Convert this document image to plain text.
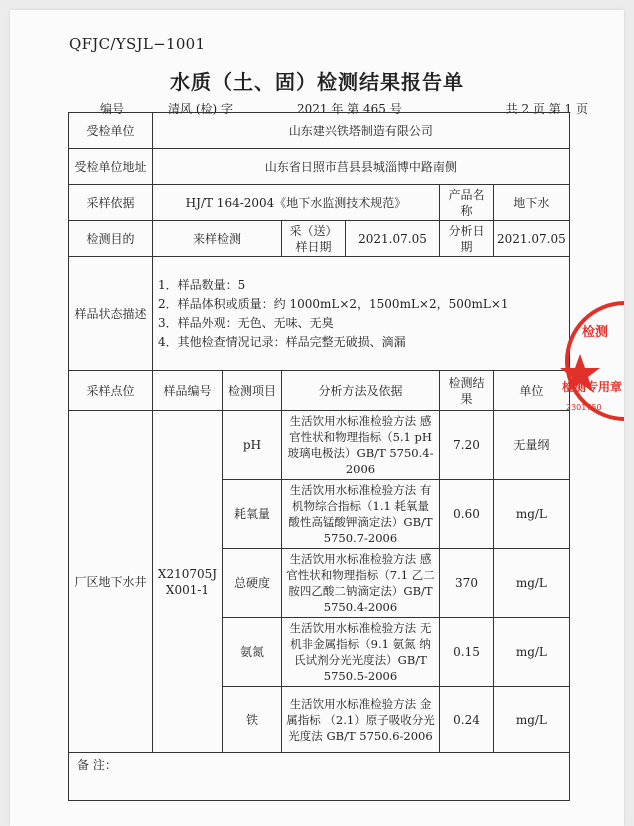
QFJC/YSJL−1001
水质（土、固）检测结果报告单
编号	清风 (检) 字	2021 年 第 465 号	共 2 页 第 1 页
受检单位	山东建兴铁塔制造有限公司					
受检单位地址	山东省日照市莒县县城淄博中路南侧					
采样依据	HJ/T 164-2004《地下水监测技术规范》				产品名称	地下水
检测目的	来样检测		采（送）样日期	2021.07.05	分析日期	2021.07.05
样品状态描述	1．样品数量：5
2．样品体积或质量：约 1000mL×2，1500mL×2，500mL×1
3．样品外观：无色、无味、无臭
4．其他检查情况记录：样品完整无破损、滴漏					

采样点位	样品编号	检测项目	分析方法及依据		检测结果	单位
厂区地下水井	X210705JX001-1	pH	生活饮用水标准检验方法 感官性状和物理指标（5.1 pH 玻璃电极法）GB/T 5750.4-2006		7.20	无量纲
		耗氧量	生活饮用水标准检验方法 有机物综合指标（1.1 耗氧量 酸性高锰酸钾滴定法）GB/T 5750.7-2006		0.60	mg/L
		总硬度	生活饮用水标准检验方法 感官性状和物理指标（7.1 乙二胺四乙酸二钠滴定法）GB/T 5750.4-2006		370	mg/L
		氨氮	生活饮用水标准检验方法 无机非金属指标（9.1 氨氮 纳氏试剂分光光度法）GB/T 5750.5-2006		0.15	mg/L
		铁	生活饮用水标准检验方法 金属指标 （2.1）原子吸收分光光度法 GB/T 5750.6-2006		0.24	mg/L
备 注：						
检测
检测专用章
2301750
